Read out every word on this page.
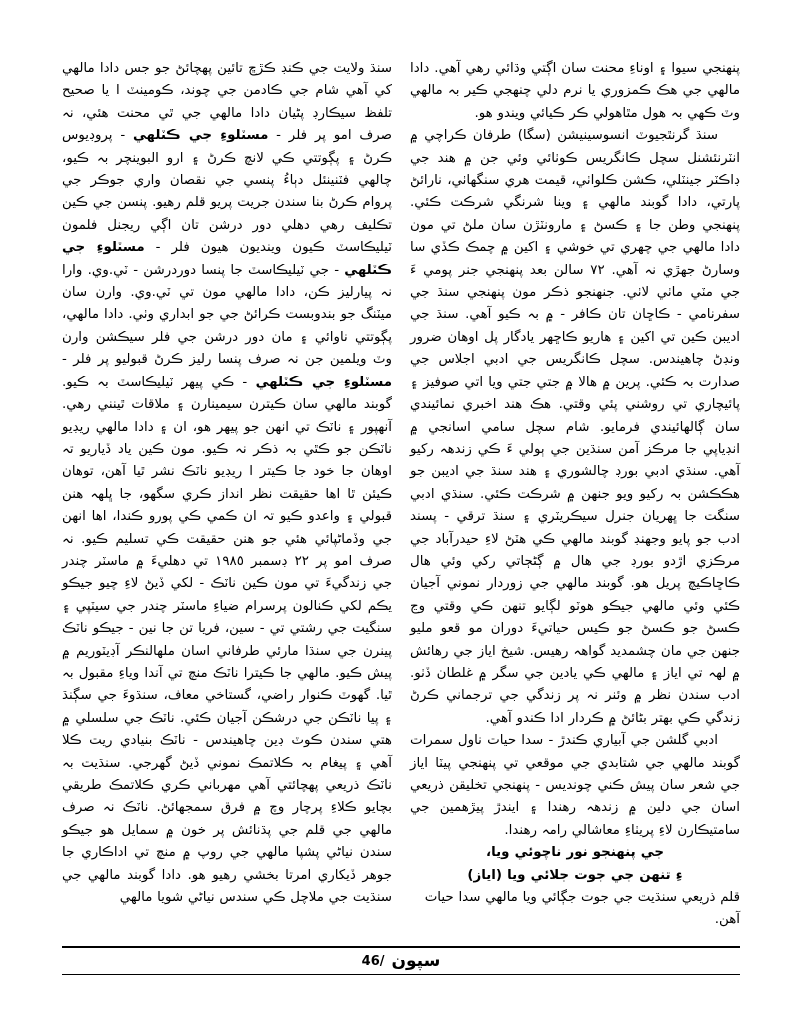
سنڌ ولايت جي ڪنڊ ڪڙڇ تائين پهچائڻ جو جس دادا مالهي کي آهي شام جي ڪادمن جي چوند، ڪومينٽ ا يا صحيح تلفظ سيڪارڊ پڻيان دادا مالهي جي ٿي محنت هئي، نہ صرف امو پر فلر - مسٽلوءِ جي ڪٽلهي - پروڊيوس ڪرڻ ۽ پڳوتتي ڪي لانچ ڪرڻ ۽ ارو البوينچر بہ ڪيو، چالهي فٽنينئل دٻاءُ پنسي جي نقصان واري جوڪر جي پروام ڪرڻ بنا سندن جريت پريو قلم رهيو. پنسن جي ڪين تڪليف رهي دهلي دور درشن تان اڳي ريجنل فلمون ٽيليڪاسٽ ڪيون وينديون هيون فلر - مسٽلوءِ جي ڪٽلهي - جي ٽيليڪاسٽ جا پنسا دوردرشن - ٽي.وي. وارا نہ پيارليز ڪن، دادا مالهي مون تي ٽي.وي. وارن سان ميٽنگ جو بندوبست ڪرائڻ جي جو ابداري وٺي. دادا مالهي، پڳوتتي ناوائي ۽ مان دور درشن جي فلر سيڪشن وارن وٽ ويلمين جن نہ صرف پنسا رليز ڪرڻ قبوليو پر فلر - مسٽلوءِ جي ڪٽلهي - ڪي پيهر ٽيليڪاسٽ بہ ڪيو. گوبند مالهي سان ڪيترن سيمينارن ۽ ملاقات ٿينني رهي. آنهپور ۽ ناٽڪ تي انهن جو پيهر هو، ان ۽ دادا مالهي ريڊيو ناٽڪن جو ڪٿي بہ ذڪر نہ ڪيو. مون ڪين ياد ڏياريو تہ اوهان جا خود جا ڪيتر ا ريڊيو ناٽڪ نشر ٿيا آهن، توهان ڪيئن ٿا اها حقيقت نظر انداز ڪري سگهو، جا ڀلهہ هنن قبولي ۽ واعدو ڪيو تہ ان ڪمي ڪي پورو ڪندا، اها انهن جي وڏماڻپائي هئي جو هنن حقيقت ڪي تسليم ڪيو. نہ صرف امو پر ٢٢ ڊسمبر ١٩٨٥ تي دهليءَ ۾ ماسٽر چندر جي زندگيءَ تي مون ڪين ناٽڪ - لکي ڏيڻ لاءِ چيو جيڪو يڪم لکي ڪنالون پرسرام ضياءِ ماسٽر چندر جي سيٽپي ۽ سنگيت جي رشتي تي - سين، فريا تن جا نين - جيڪو ناٽڪ پينرن جي سنڌا مارئي طرفاني اسان ملهالنڪر آڊيٽوريم ۾ پيش ڪيو. مالهي جا ڪيترا ناٽڪ منچ تي آندا وياءِ مقبول بہ ٿيا. گهوٽ ڪنوار راضي، گستاخي معاف، سنڌوءَ جي سڳنڌ ۽ پيا ناٽڪن جي درشڪن آجيان ڪئي. ناٽڪ جي سلسلي ۾ هتي سندن ڪوٽ ڊين چاهيندس - ناٽڪ بنيادي ريت ڪلا آهي ۽ پيغام بہ ڪلاتمڪ نموني ڏيڻ گهرجي. سنڌيت بہ ناٽڪ ذريعي پهچائتي آهي مهرباني ڪري ڪلاتمڪ طريقي بچايو ڪلاءِ پرچار وچ ۾ فرق سمجهائڻ. ناٽڪ نہ صرف مالهي جي قلم جي پڌنائش پر خون ۾ سمايل هو جيڪو سندن نياڻي پشپا مالهي جي روپ ۾ منچ تي اداڪاري جا جوهر ڏيکاري امرتا بخشي رهيو هو. دادا گوبند مالهي جي سنڌيت جي ملاچل ڪي سندس نياڻي شويا مالهي

پنهنجي سيوا ۽ اوناءِ محنت سان اڳتي وڌائي رهي آهي. دادا مالهي جي هڪ ڪمزوري يا نرم دلي چنهجي ڪير بہ مالهي وٽ ڪهي بہ هول مٿاهولي ڪر ڪيائي ويندو هو.

سنڌ گرنٿجيوٽ انسوسينيشن (سگا) طرفان ڪراچي ۾ انٽرنئشنل سچل ڪانگريس ڪوٺائي وئي جن ۾ هند جي ڊاڪٽر جينٽلي، ڪشن ڪلواٺي، قيمت هري سنگهاٺي، نارائڻ پارتي، دادا گوبند مالهي ۽ وينا شرنگي شرڪت ڪئي. پنهنجي وطن جا ۽ ڪسڻ ۽ مارونٽڙن سان ملڻ تي مون دادا مالهي جي چهري تي خوشي ۽ اکين ۾ چمڪ ڪڏي سا وسارڻ جهڙي نہ آهي. ٧٢ سالن بعد پنهنجي جنر پومي ءَ جي مٽي ماٺي لاٺي. جنهنجو ذڪر مون پنهنجي سنڌ جي سفرنامي - ڪاڇان تان ڪافر - ۾ بہ ڪيو آهي. سنڌ جي اديبن ڪين تي اکين ۽ هاريو ڪاڇهر يادگار پل اوهان ضرور ونڊڻ چاهيندس. سچل ڪانگريس جي ادبي اجلاس جي صدارت بہ ڪئي. پرين ۾ هالا ۾ جتي جتي ويا اتي صوفيز ۽ پائيچاري تي روشني پئي وقتي. هڪ هند اخبري نمائيندي سان ڳالهائيندي فرمايو. شام سچل سامي اسانجي ۾ انڊياپي جا مرڪز آمن سنڌين جي ٻولي ءَ ڪي زندهہ رکيو آهي. سنڌي ادبي بورڊ چالشوري ۽ هند سنڌ جي اديبن جو هڪڪشن بہ رکيو ويو جنهن ۾ شرڪت ڪئي. سنڌي ادبي سنگت جا ڀهريان جنرل سيڪريٽري ۽ سنڌ ترقي - پسند ادب جو پايو وجهنڊ گوبند مالهي ڪي هٽڻ لاءِ حيدرآباد جي مرڪزي اڙدو بورڊ جي هال ۾ ڳڻڄاتي رکي وئي هال ڪاڇاڪيچ پريل هو. گوبند مالهي جي زوردار نموني آجيان ڪئي وئي مالهي جيڪو هوٽو لڳايو تنهن ڪي وقتي وڃ ڪسڻ جو ڪسڻ جو ڪيس حياتيءَ دوران مو قعو مليو جنهن جي مان چشمديد گواهہ رهيس. شيخ اياز جي رهائش ۾ لهہ تي اياز ۽ مالهي ڪي يادين جي سگر ۾ غلطان ڏٺو. ادب سندن نظر ۾ وئنر نہ پر زندگي جي ترجماني ڪرڻ زندگي ڪي بهتر بڻائڻ ۾ ڪردار ادا ڪندو آهي.

ادبي گلشن جي آبياري ڪندڙ - سدا حيات ناول سمرات گوبند مالهي جي شتابدي جي موقعي تي پنهنجي پيٽا اياز جي شعر سان پيش ڪني چونديس - پنهنجي تخليقن ذريعي اسان جي دلين ۾ زندهہ رهندا ۽ ايندڙ پيڙهمين جي سامتيڪارن لاءِ پريٺاءِ معاشالي رامہ رهندا.

جي پنهنجو نور ناچوئي ويا،

ءِ تنهن جي جوت جلائي ويا (اياز)

قلم ذريعي سنڌيت جي جوت جڳائي ويا مالهي سدا حيات آهن.

سپون
46/
